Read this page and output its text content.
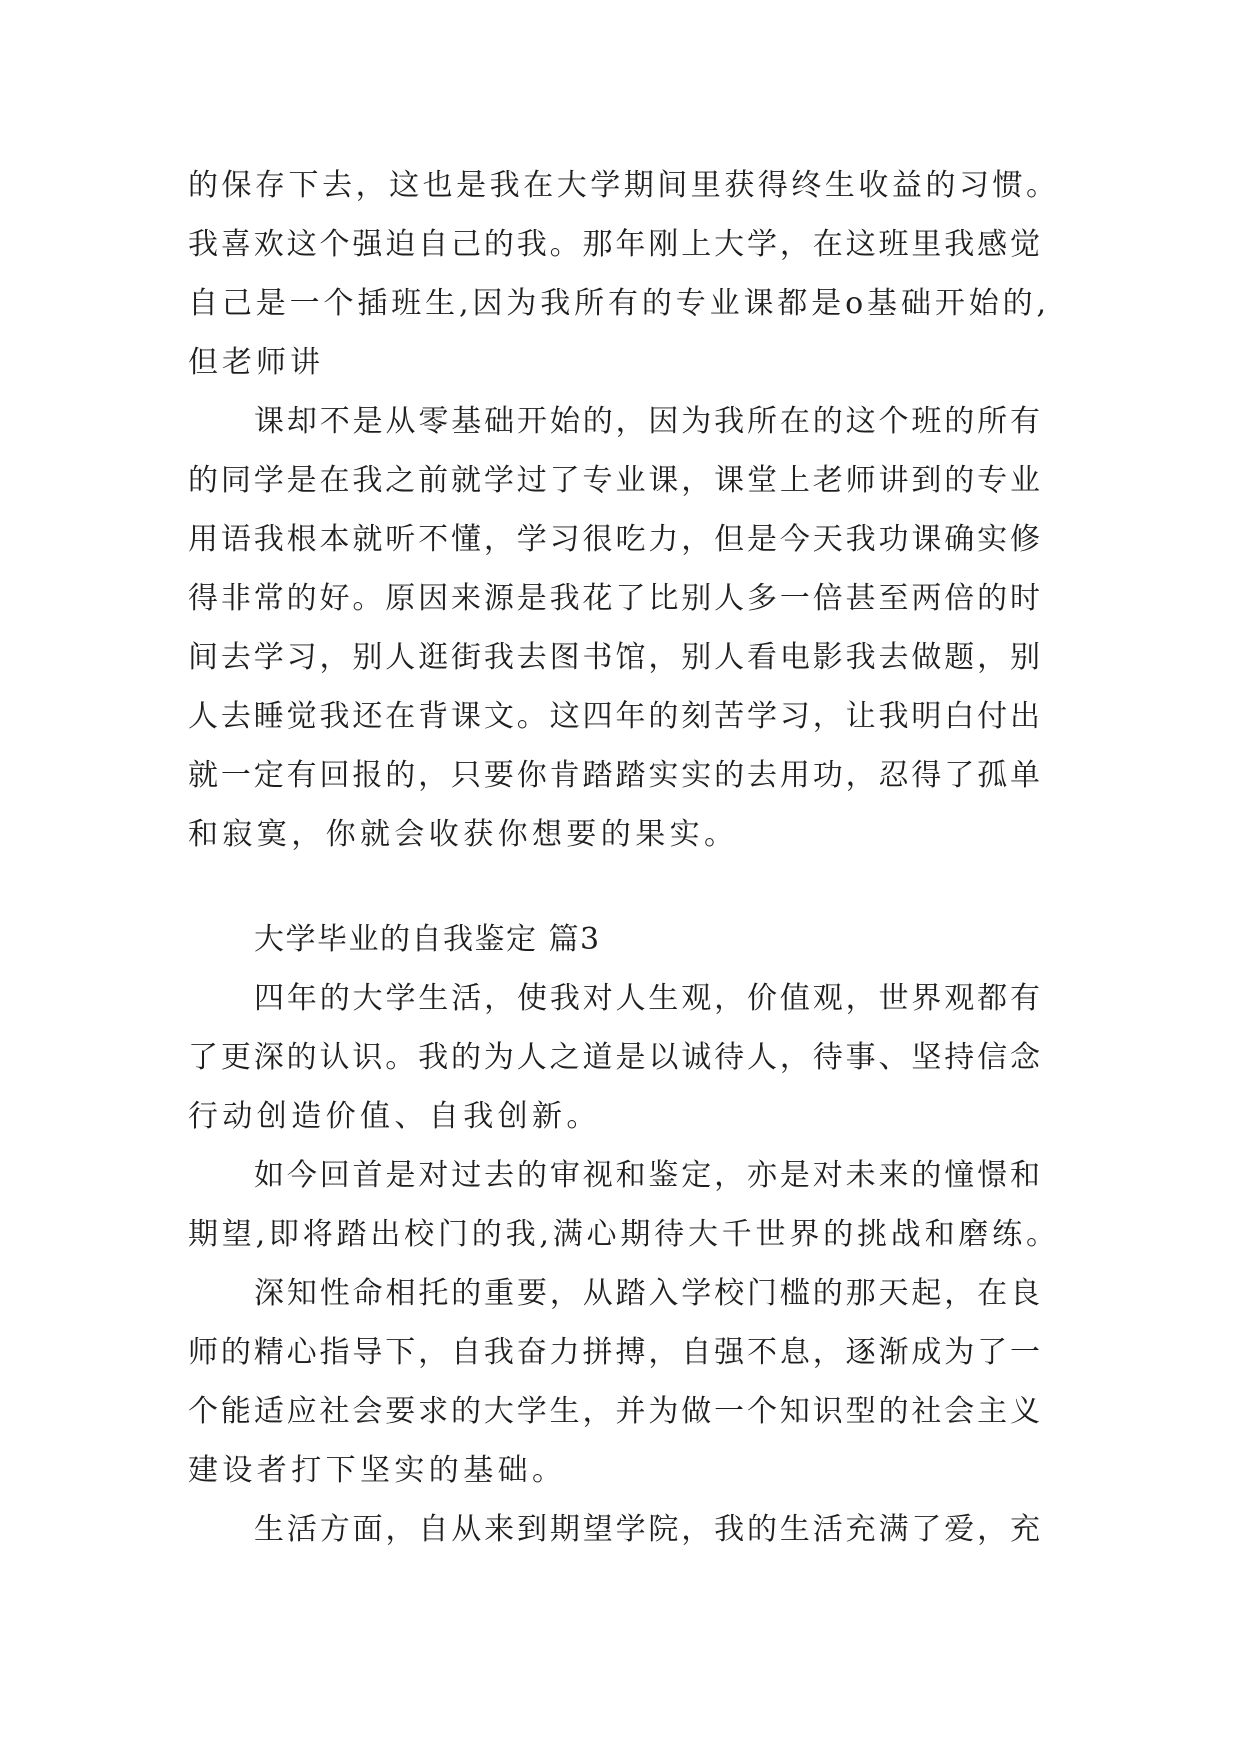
的保存下去，这也是我在大学期间里获得终生收益的习惯。
我喜欢这个强迫自己的我。那年刚上大学，在这班里我感觉
自己是一个插班生,因为我所有的专业课都是o基础开始的,
但老师讲
课却不是从零基础开始的，因为我所在的这个班的所有
的同学是在我之前就学过了专业课，课堂上老师讲到的专业
用语我根本就听不懂，学习很吃力，但是今天我功课确实修
得非常的好。原因来源是我花了比别人多一倍甚至两倍的时
间去学习，别人逛街我去图书馆，别人看电影我去做题，别
人去睡觉我还在背课文。这四年的刻苦学习，让我明白付出
就一定有回报的，只要你肯踏踏实实的去用功，忍得了孤单
和寂寞，你就会收获你想要的果实。
大学毕业的自我鉴定 篇3
四年的大学生活，使我对人生观，价值观，世界观都有
了更深的认识。我的为人之道是以诚待人，待事、坚持信念
行动创造价值、自我创新。
如今回首是对过去的审视和鉴定，亦是对未来的憧憬和
期望,即将踏出校门的我,满心期待大千世界的挑战和磨练。
深知性命相托的重要，从踏入学校门槛的那天起，在良
师的精心指导下，自我奋力拼搏，自强不息，逐渐成为了一
个能适应社会要求的大学生，并为做一个知识型的社会主义
建设者打下坚实的基础。
生活方面，自从来到期望学院，我的生活充满了爱，充
